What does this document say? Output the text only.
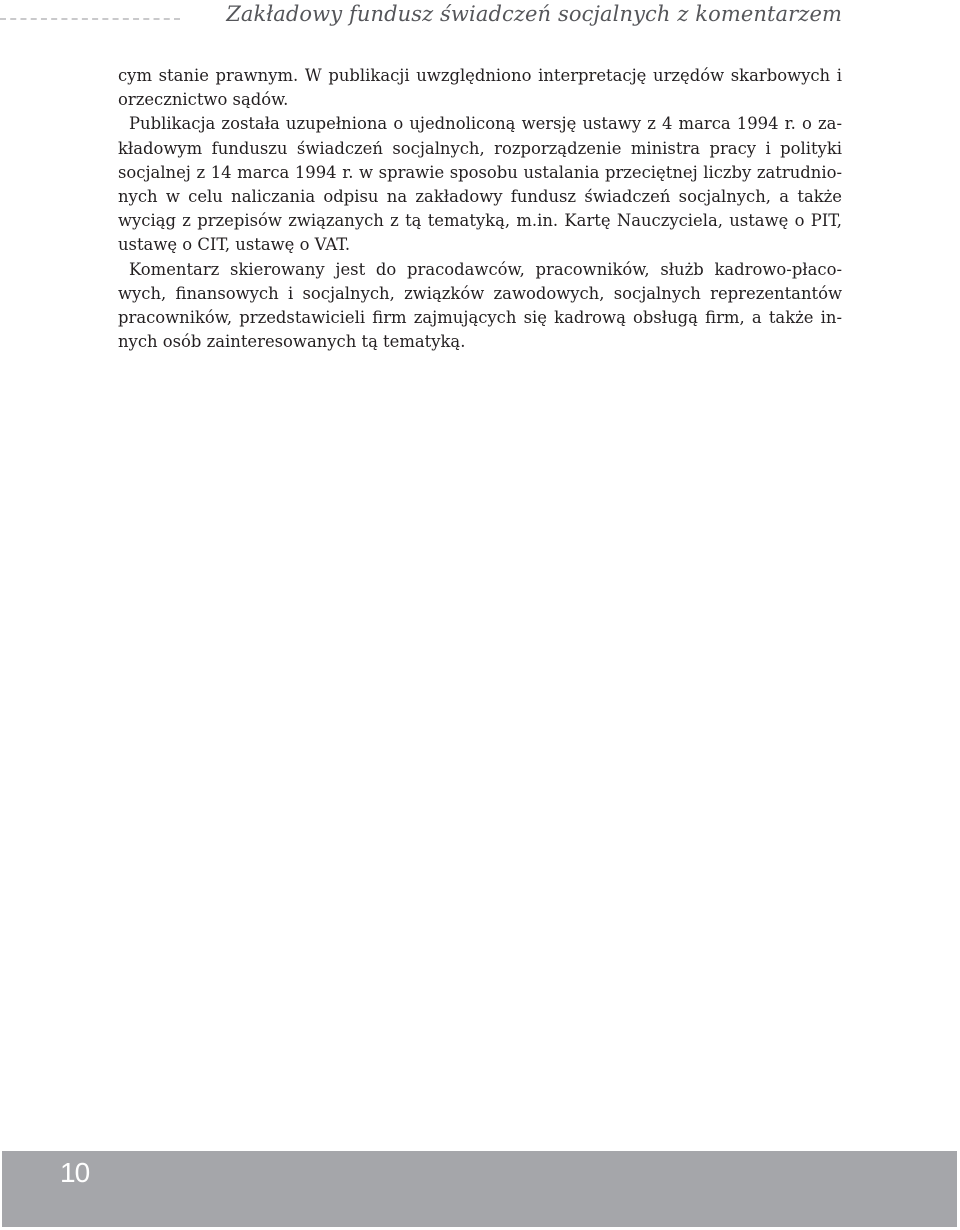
Zakładowy fundusz świadczeń socjalnych z komentarzem

cym stanie prawnym. W publikacji uwzględniono interpretację urzędów skarbowych i orzecznictwo sądów.

Publikacja została uzupełniona o ujednoliconą wersję ustawy z 4 marca 1994 r. o zakładowym funduszu świadczeń socjalnych, rozporządzenie ministra pracy i polityki socjalnej z 14 marca 1994 r. w sprawie sposobu ustalania przeciętnej liczby zatrudnionych w celu naliczania odpisu na zakładowy fundusz świadczeń socjalnych, a także wyciąg z przepisów związanych z tą tematyką, m.in. Kartę Nauczyciela, ustawę o PIT, ustawę o CIT, ustawę o VAT.

Komentarz skierowany jest do pracodawców, pracowników, służb kadrowo-płacowych, finansowych i socjalnych, związków zawodowych, socjalnych reprezentantów pracowników, przedstawicieli firm zajmujących się kadrową obsługą firm, a także innych osób zainteresowanych tą tematyką.

10
